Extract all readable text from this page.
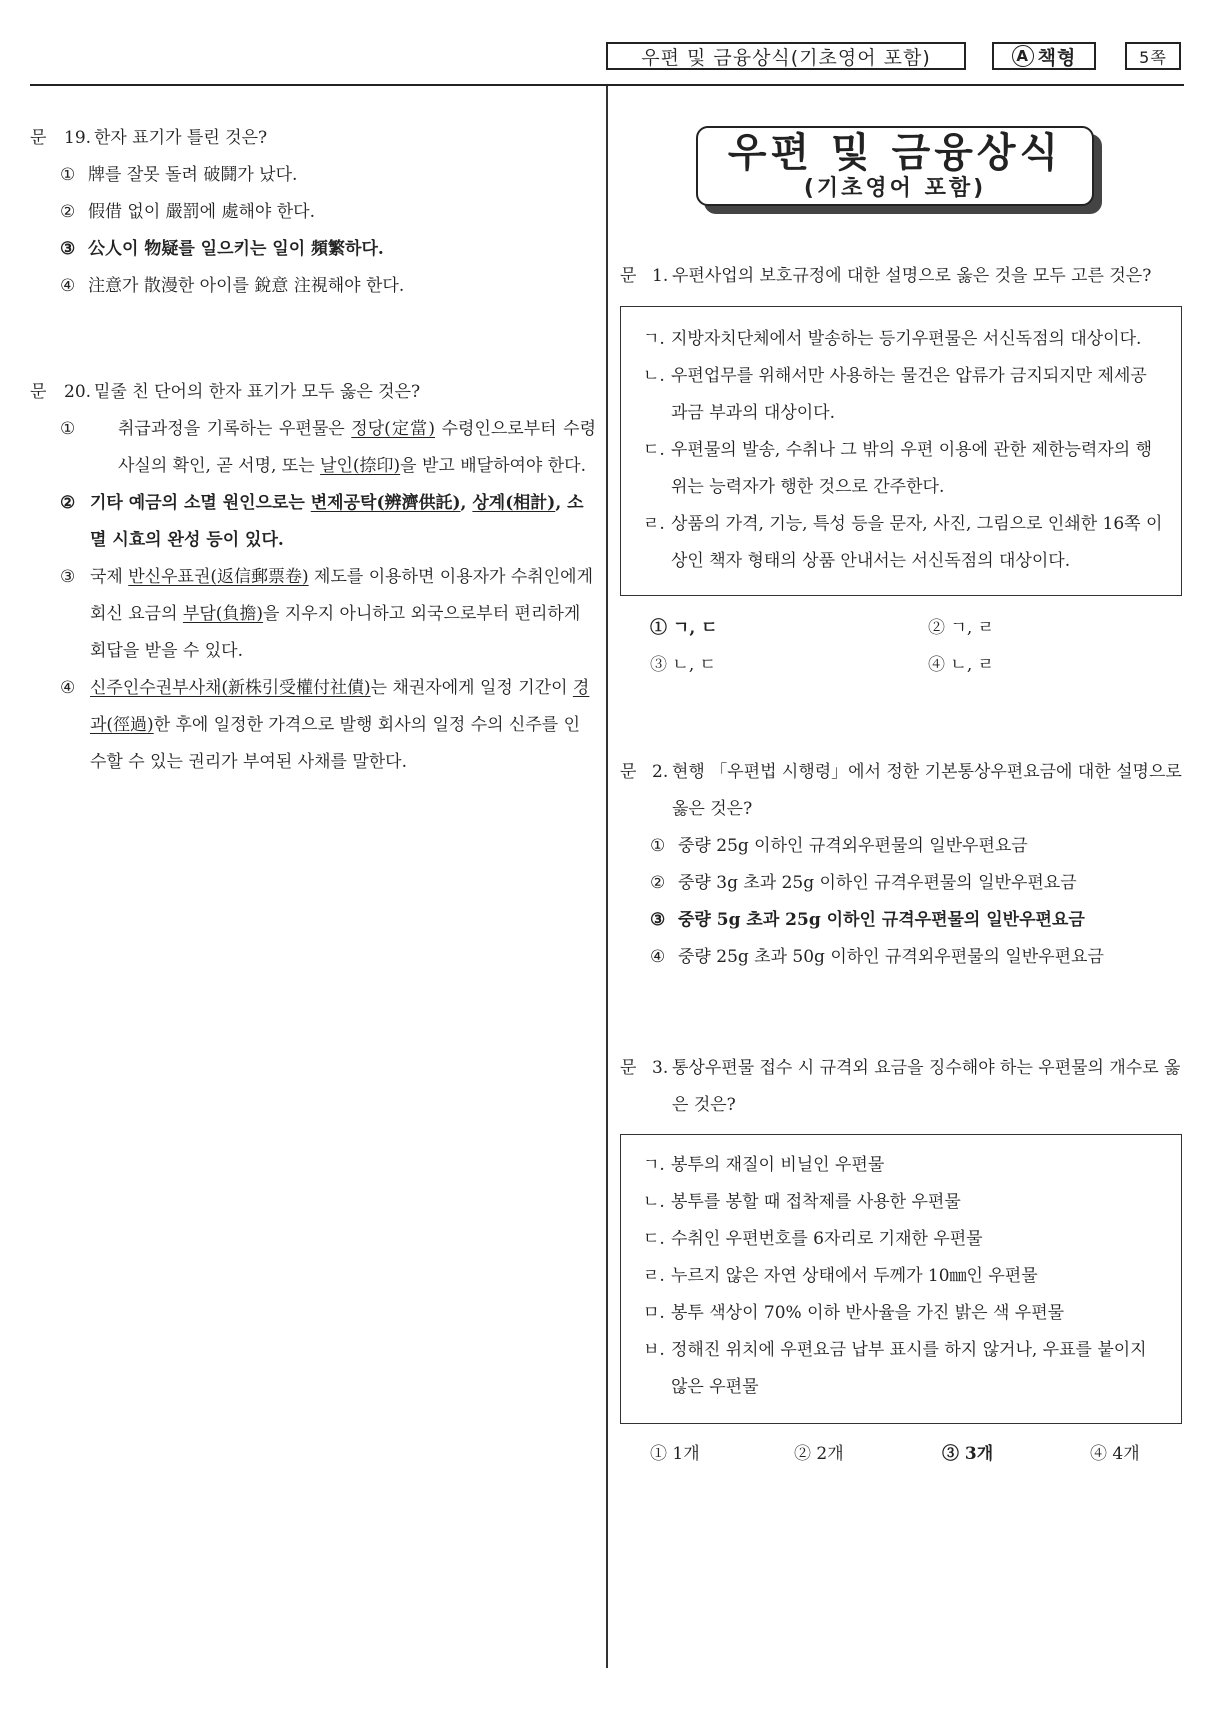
우편 및 금융상식(기초영어 포함)	A 책형	5쪽
문 19. 한자 표기가 틀린 것은?
① 牌를 잘못 돌려 破鬪가 났다.
② 假借 없이 嚴罰에 處해야 한다.
③ 公人이 物疑를 일으키는 일이 頻繁하다.
④ 注意가 散漫한 아이를 銳意 注視해야 한다.
문 20. 밑줄 친 단어의 한자 표기가 모두 옳은 것은?
①	취급과정을 기록하는 우편물은 정당(定當) 수령인으로부터 수령 사실의 확인, 곧 서명, 또는 날인(捺印)을 받고 배달하여야 한다.
② 기타 예금의 소멸 원인으로는 변제공탁(辨濟供託), 상계(相計), 소멸 시효의 완성 등이 있다.
③ 국제 반신우표권(返信郵票卷) 제도를 이용하면 이용자가 수취인에게 회신 요금의 부담(負擔)을 지우지 아니하고 외국으로부터 편리하게 회답을 받을 수 있다.
④ 신주인수권부사채(新株引受權付社債)는 채권자에게 일정 기간이 경과(徑過)한 후에 일정한 가격으로 발행 회사의 일정 수의 신주를 인수할 수 있는 권리가 부여된 사채를 말한다.
우편 및 금융상식
(기초영어 포함)
문 1. 우편사업의 보호규정에 대한 설명으로 옳은 것을 모두 고른 것은?
ㄱ. 지방자치단체에서 발송하는 등기우편물은 서신독점의 대상이다.
ㄴ. 우편업무를 위해서만 사용하는 물건은 압류가 금지되지만 제세공과금 부과의 대상이다.
ㄷ. 우편물의 발송, 수취나 그 밖의 우편 이용에 관한 제한능력자의 행위는 능력자가 행한 것으로 간주한다.
ㄹ. 상품의 가격, 기능, 특성 등을 문자, 사진, 그림으로 인쇄한 16쪽 이상인 책자 형태의 상품 안내서는 서신독점의 대상이다.
① ㄱ, ㄷ	② ㄱ, ㄹ
③ ㄴ, ㄷ	④ ㄴ, ㄹ
문 2. 현행 「우편법 시행령」에서 정한 기본통상우편요금에 대한 설명으로 옳은 것은?
① 중량 25g 이하인 규격외우편물의 일반우편요금
② 중량 3g 초과 25g 이하인 규격우편물의 일반우편요금
③ 중량 5g 초과 25g 이하인 규격우편물의 일반우편요금
④ 중량 25g 초과 50g 이하인 규격외우편물의 일반우편요금
문 3. 통상우편물 접수 시 규격외 요금을 징수해야 하는 우편물의 개수로 옳은 것은?
ㄱ. 봉투의 재질이 비닐인 우편물
ㄴ. 봉투를 봉할 때 접착제를 사용한 우편물
ㄷ. 수취인 우편번호를 6자리로 기재한 우편물
ㄹ. 누르지 않은 자연 상태에서 두께가 10㎜인 우편물
ㅁ. 봉투 색상이 70% 이하 반사율을 가진 밝은 색 우편물
ㅂ. 정해진 위치에 우편요금 납부 표시를 하지 않거나, 우표를 붙이지 않은 우편물
① 1개	② 2개	③ 3개	④ 4개
